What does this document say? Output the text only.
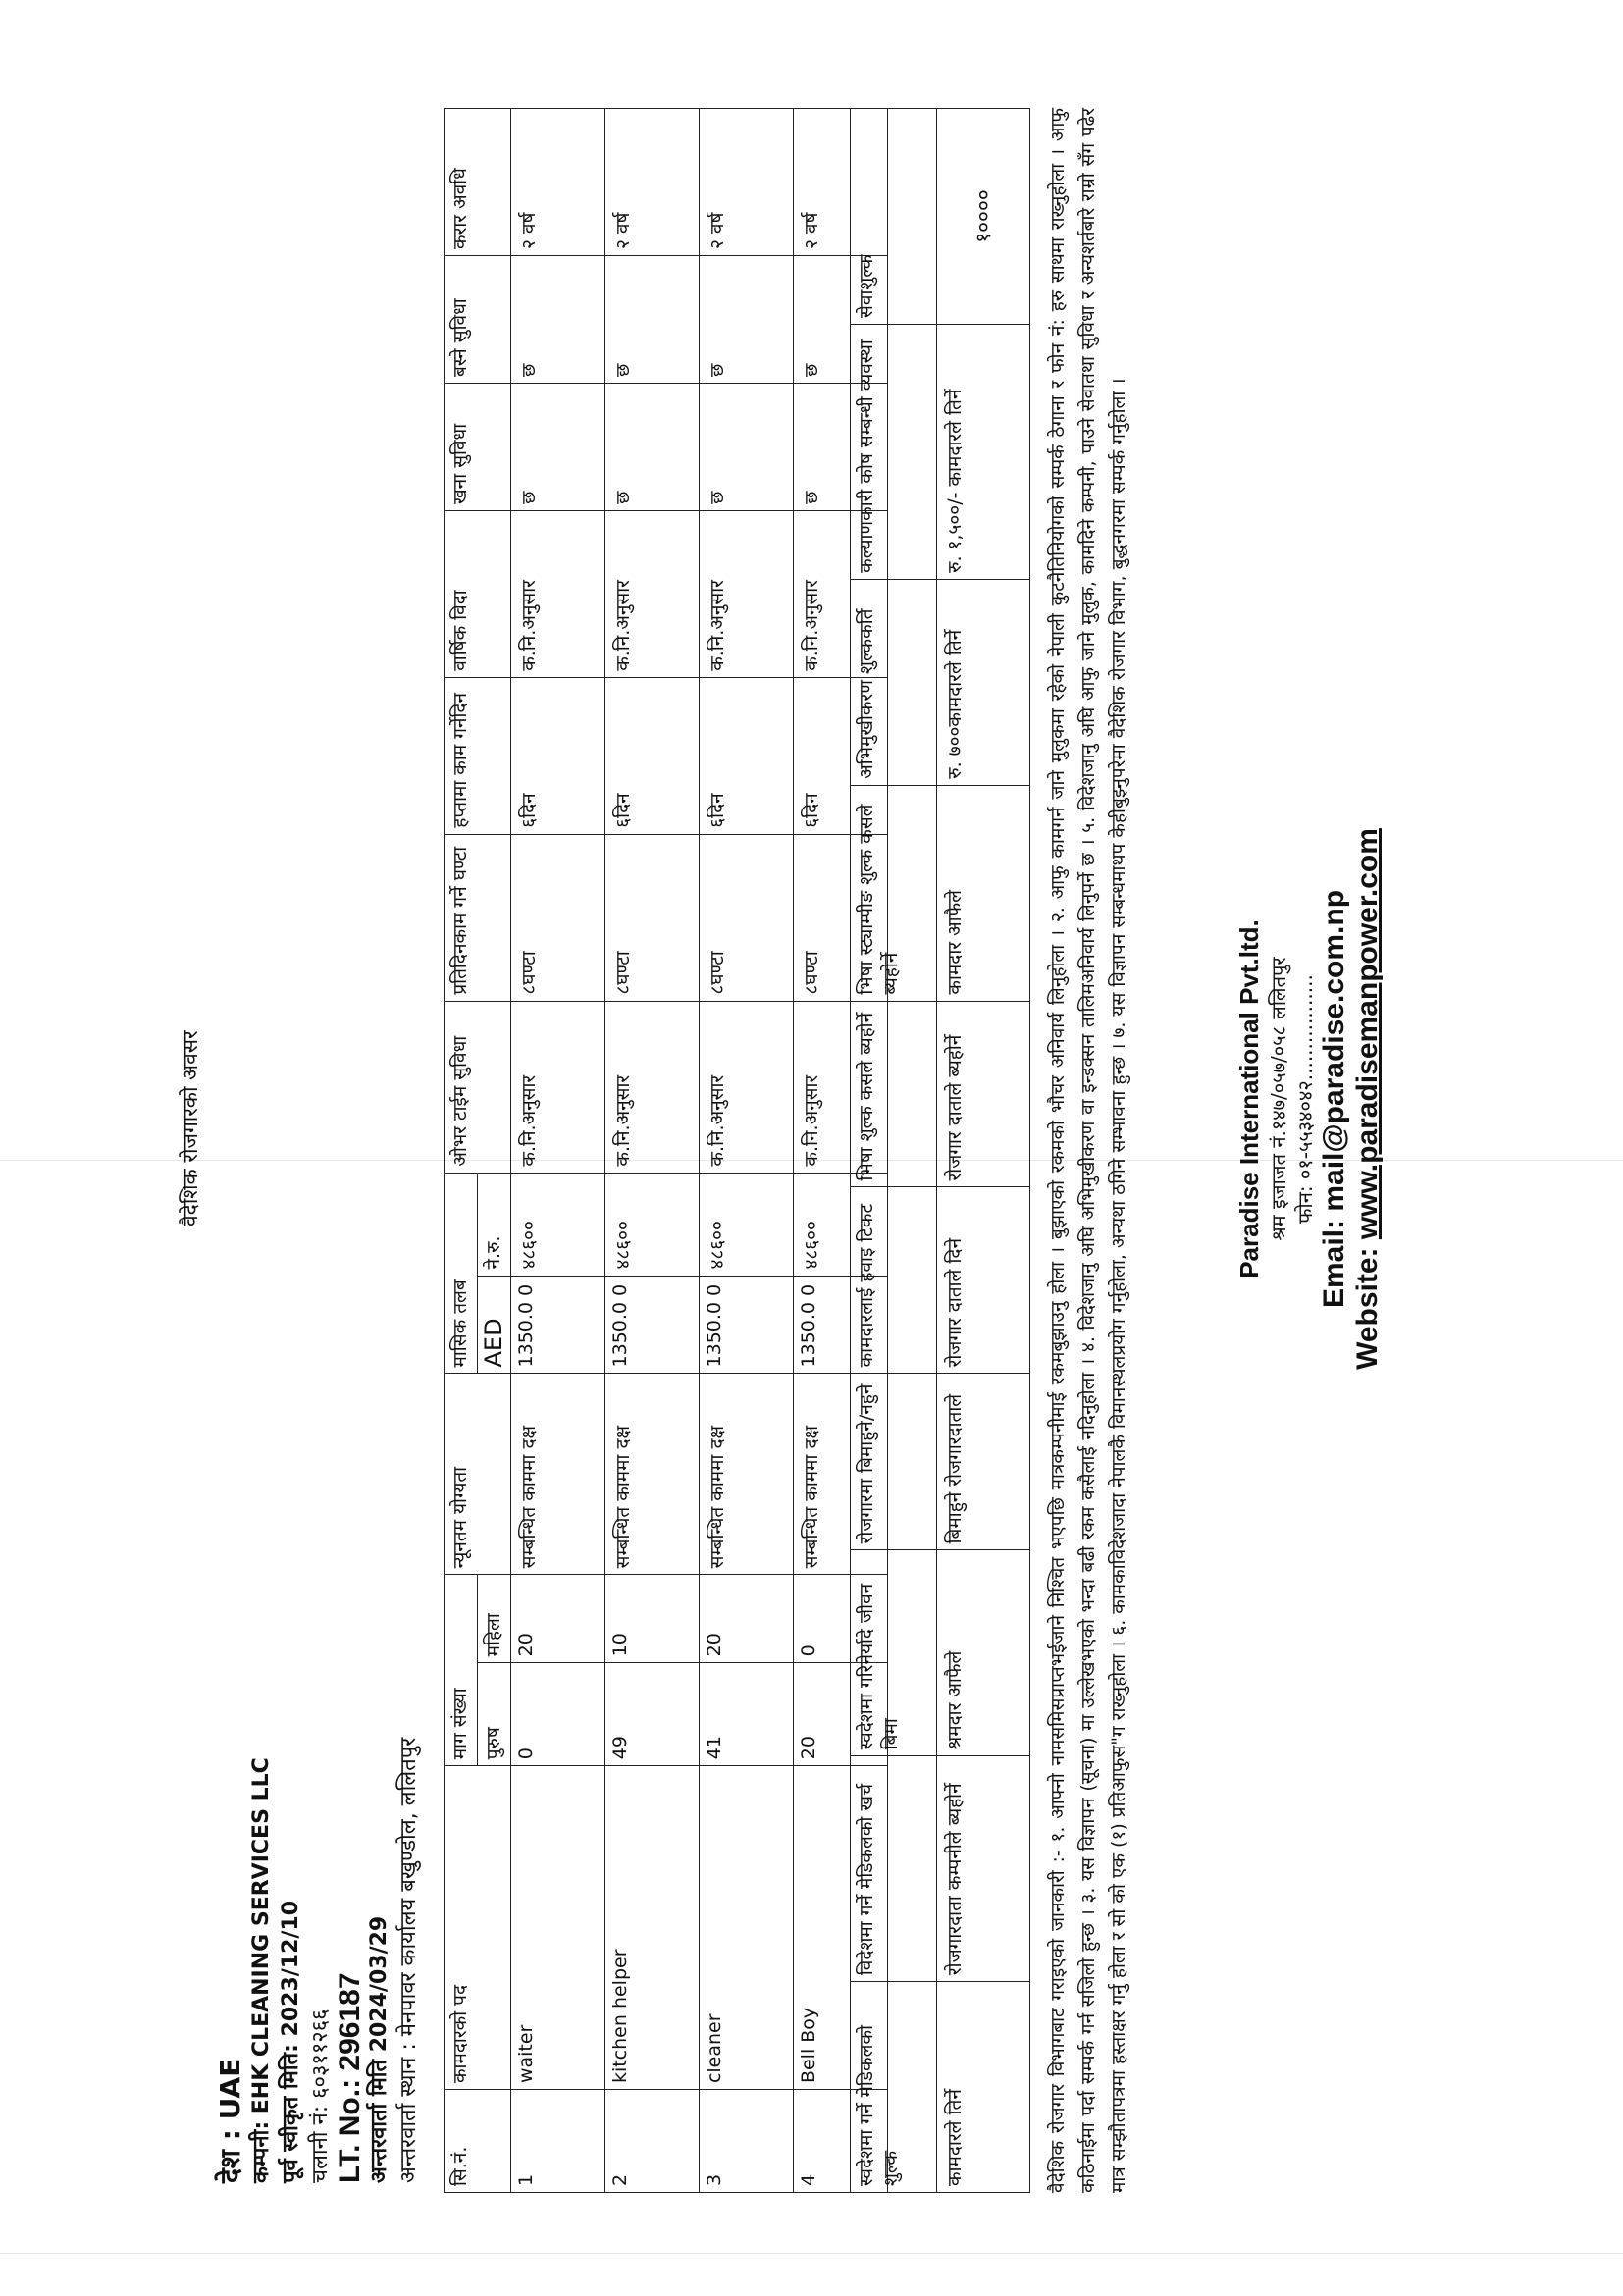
वैदेशिक रोजगारको अवसर
देश : UAE कम्पनी: EHK CLEANING SERVICES LLC पूर्व स्वीकृत मिति: 2023/12/10 चलानी नं: ६०३११२६६ LT. No.: 296187 अन्तरवार्ता मिति 2024/03/29 अन्तरवार्ता स्थान : मेनपावर कार्यालय बखुण्डोल, ललितपुर सि.नं.	कामदारको पद	माग संख्या		न्यूनतम योग्यता	मासिक तलब		ओभर टाईम सुविधा	प्रतिदिनकाम गर्ने घण्टा	हप्तामा काम गर्नेदिन	वार्षिक विदा	खना सुविधा	बस्ने सुविधा	करार अवधि
		पुरुष	महिला		AED	ने.रु.							
1	waiter	0	20	सम्बन्धित काममा दक्ष	1350.0 0	४८६००	क.नि.अनुसार	८घण्टा	६दिन	क.नि.अनुसार	छ	छ	२ वर्ष
2	kitchen helper	49	10	सम्बन्धित काममा दक्ष	1350.0 0	४८६००	क.नि.अनुसार	८घण्टा	६दिन	क.नि.अनुसार	छ	छ	२ वर्ष
3	cleaner	41	20	सम्बन्धित काममा दक्ष	1350.0 0	४८६००	क.नि.अनुसार	८घण्टा	६दिन	क.नि.अनुसार	छ	छ	२ वर्ष
4	Bell Boy	20	0	सम्बन्धित काममा दक्ष	1350.0 0	४८६००	क.नि.अनुसार	८घण्टा	६दिन	क.नि.अनुसार	छ	छ	२ वर्ष
स्वदेशमा गर्ने मेडिकलको शुल्क	विदेशमा गर्ने मेडिकलको खर्च	स्वदेशमा गरिनेर्यादे जीवन बिमा	रोजगारमा बिमाहुने/नहुने	कामदारलाई हवाइ टिकट	भिषा शुल्क कसले ब्यहोर्ने	भिषा स्ट्याम्पीङ शुल्क कसले ब्यहोर्ने	अभिमुखीकरण शुल्ककर्ति	कल्याणकारी कोष सम्बन्धी व्यवस्था	सेवाशुल्क
कामदारले तिर्ने	रोजगारदाता कम्पनीले ब्यहोर्ने	श्रमदार आफैले	बिमाहुने रोजगारदाताले	रोजगार दाताले दिने	रोजगार दाताले ब्यहोर्ने	कामदार आफैले	रु. ७००कामदारले तिर्ने	रु. १,५००/- कामदारले तिर्ने	१००००	वैदेशिक रोजगार विभागबाट गराइएको जानकारी :- १. आफ्नो नामसमिसप्राप्तभईजाने निश्चित भएपछि मात्रकम्पनीमाई रकमबुझाउनु होला । बुझाएको रकमको भौचर अनिवार्य लिनुहोला । २. आफु कामगर्न जाने मुलुकमा रहेको नेपाली कुटनैतिनियोगको सम्पर्क ठेगाना र फोन नं: हरु साथमा राख्नुहोला । आफु कठिनाईमा पर्दा सम्पर्क गर्न सजिलो हुन्छ । ३. यस विज्ञापन (सूचना) मा उल्लेखभएको भन्दा बढी रकम कसैलाई नदिनुहोला । ४. विदेशजानु अघि अभिमुखीकरण वा इन्डक्सन तालिमअनिवार्य लिनुपर्ने छ । ५. विदेशजानु अघि आफु जाने मुलुक, कामदिने कम्पनी, पाउने सेवातथा सुविधा र अन्यशर्तबारे राम्रो सँग पढेर मात्र सम्झौतापत्रमा हस्ताक्षर गर्नु होला र सो को एक (१) प्रतिआफुस"ग राख्नुहोला । ६. कामकाविदेशजादा नेपालकै विमानस्थलप्रयोग गर्नुहोला, अन्यथा ठगिने सम्भावना हुन्छ । ७. यस विज्ञापन सम्बन्धमाथप केहीबुझ्नुपरेमा वैदेशिक रोजगार विभाग, बुद्धनगरमा सम्पर्क गर्नुहोला ।	Paradise International Pvt.ltd. श्रम इजाजत नं.१४७/०५७/०५८ ललितपुर फोन: ०१-५५३४०४२................. Email: mail@paradise.com.np Website: www.paradisemanpower.com
